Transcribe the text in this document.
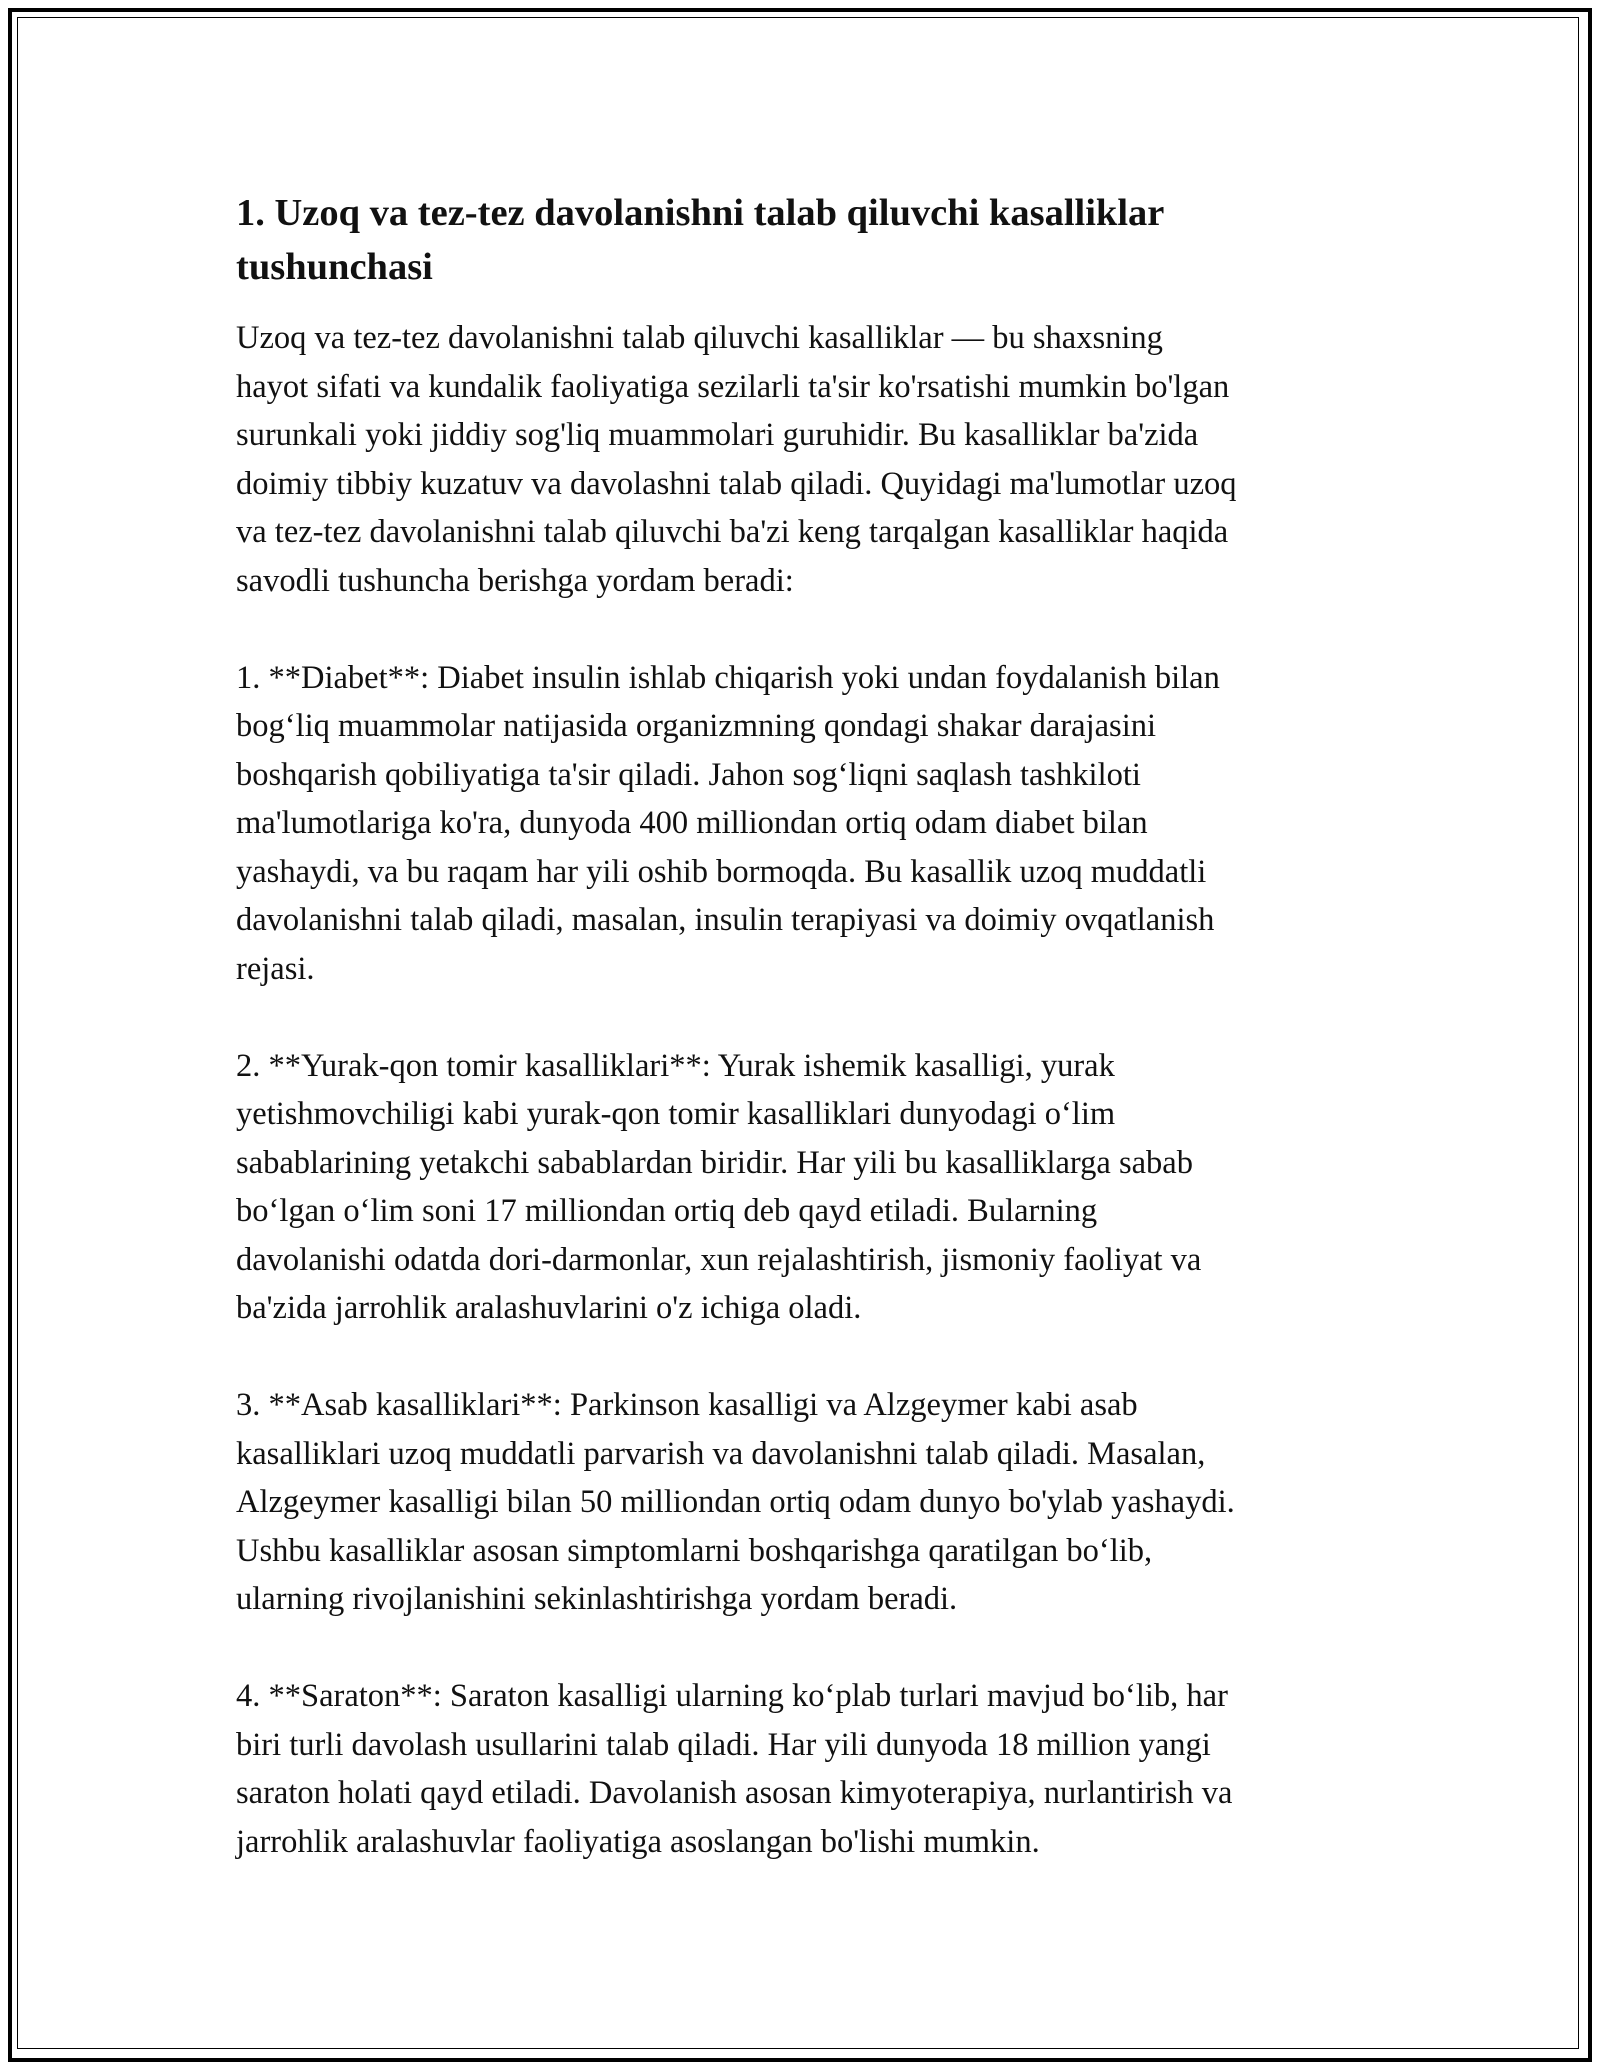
1. Uzoq va tez-tez davolanishni talab qiluvchi kasalliklar
tushunchasi

Uzoq va tez-tez davolanishni talab qiluvchi kasalliklar — bu shaxsning
hayot sifati va kundalik faoliyatiga sezilarli ta'sir ko'rsatishi mumkin bo'lgan
surunkali yoki jiddiy sog'liq muammolari guruhidir. Bu kasalliklar ba'zida
doimiy tibbiy kuzatuv va davolashni talab qiladi. Quyidagi ma'lumotlar uzoq
va tez-tez davolanishni talab qiluvchi ba'zi keng tarqalgan kasalliklar haqida
savodli tushuncha berishga yordam beradi:

1. **Diabet**: Diabet insulin ishlab chiqarish yoki undan foydalanish bilan
bog‘liq muammolar natijasida organizmning qondagi shakar darajasini
boshqarish qobiliyatiga ta'sir qiladi. Jahon sog‘liqni saqlash tashkiloti
ma'lumotlariga ko'ra, dunyoda 400 milliondan ortiq odam diabet bilan
yashaydi, va bu raqam har yili oshib bormoqda. Bu kasallik uzoq muddatli
davolanishni talab qiladi, masalan, insulin terapiyasi va doimiy ovqatlanish
rejasi.

2. **Yurak-qon tomir kasalliklari**: Yurak ishemik kasalligi, yurak
yetishmovchiligi kabi yurak-qon tomir kasalliklari dunyodagi o‘lim
sabablarining yetakchi sabablardan biridir. Har yili bu kasalliklarga sabab
bo‘lgan o‘lim soni 17 milliondan ortiq deb qayd etiladi. Bularning
davolanishi odatda dori-darmonlar, xun rejalashtirish, jismoniy faoliyat va
ba'zida jarrohlik aralashuvlarini o'z ichiga oladi.

3. **Asab kasalliklari**: Parkinson kasalligi va Alzgeymer kabi asab
kasalliklari uzoq muddatli parvarish va davolanishni talab qiladi. Masalan,
Alzgeymer kasalligi bilan 50 milliondan ortiq odam dunyo bo'ylab yashaydi.
Ushbu kasalliklar asosan simptomlarni boshqarishga qaratilgan bo‘lib,
ularning rivojlanishini sekinlashtirishga yordam beradi.

4. **Saraton**: Saraton kasalligi ularning ko‘plab turlari mavjud bo‘lib, har
biri turli davolash usullarini talab qiladi. Har yili dunyoda 18 million yangi
saraton holati qayd etiladi. Davolanish asosan kimyoterapiya, nurlantirish va
jarrohlik aralashuvlar faoliyatiga asoslangan bo'lishi mumkin.
